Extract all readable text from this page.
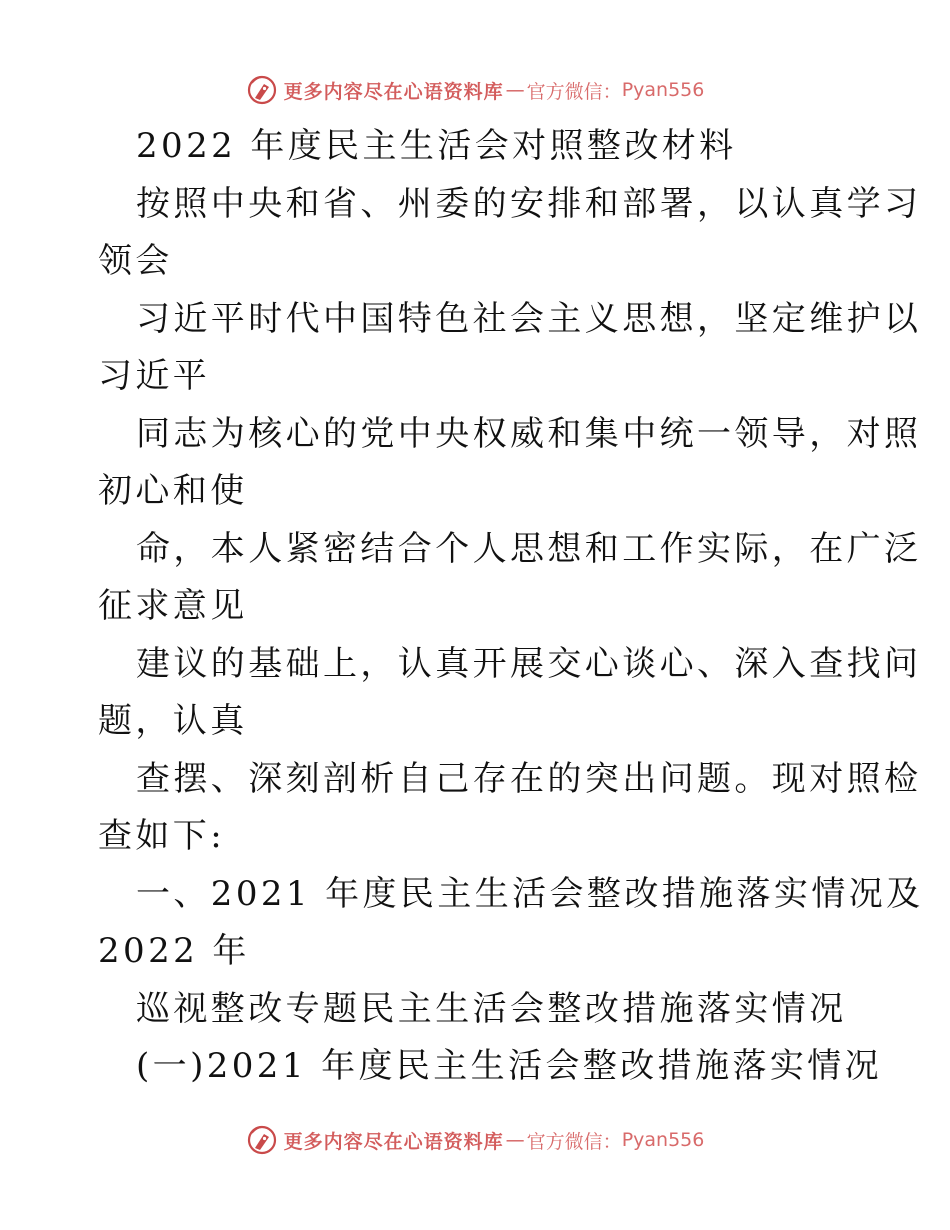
更多内容尽在心语资料库 — 官方微信： Pyan556
2022 年度民主生活会对照整改材料
按照中央和省、州委的安排和部署，以认真学习
领会
习近平时代中国特色社会主义思想，坚定维护以
习近平
同志为核心的党中央权威和集中统一领导，对照
初心和使
命，本人紧密结合个人思想和工作实际，在广泛
征求意见
建议的基础上，认真开展交心谈心、深入查找问
题，认真
查摆、深刻剖析自己存在的突出问题。现对照检
查如下:
一、2021 年度民主生活会整改措施落实情况及
2022 年
巡视整改专题民主生活会整改措施落实情况
(一)2021 年度民主生活会整改措施落实情况
更多内容尽在心语资料库 — 官方微信： Pyan556
